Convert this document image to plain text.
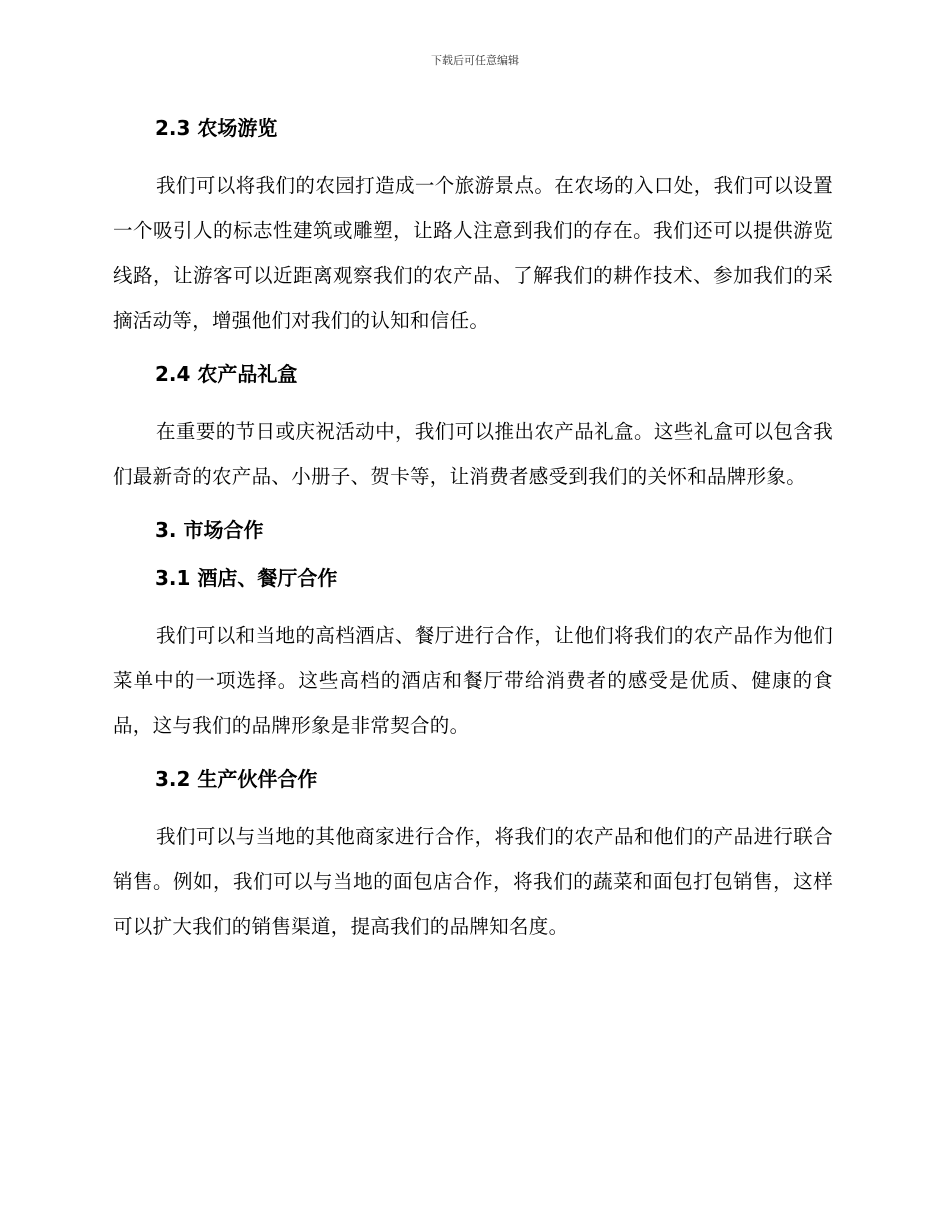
下载后可任意编辑
2.3 农场游览

我们可以将我们的农园打造成一个旅游景点。在农场的入口处，我们可以设置一个吸引人的标志性建筑或雕塑，让路人注意到我们的存在。我们还可以提供游览线路，让游客可以近距离观察我们的农产品、了解我们的耕作技术、参加我们的采摘活动等，增强他们对我们的认知和信任。

2.4 农产品礼盒

在重要的节日或庆祝活动中，我们可以推出农产品礼盒。这些礼盒可以包含我们最新奇的农产品、小册子、贺卡等，让消费者感受到我们的关怀和品牌形象。

3. 市场合作
3.1 酒店、餐厅合作

我们可以和当地的高档酒店、餐厅进行合作，让他们将我们的农产品作为他们菜单中的一项选择。这些高档的酒店和餐厅带给消费者的感受是优质、健康的食品，这与我们的品牌形象是非常契合的。

3.2 生产伙伴合作

我们可以与当地的其他商家进行合作，将我们的农产品和他们的产品进行联合销售。例如，我们可以与当地的面包店合作，将我们的蔬菜和面包打包销售，这样可以扩大我们的销售渠道，提高我们的品牌知名度。
